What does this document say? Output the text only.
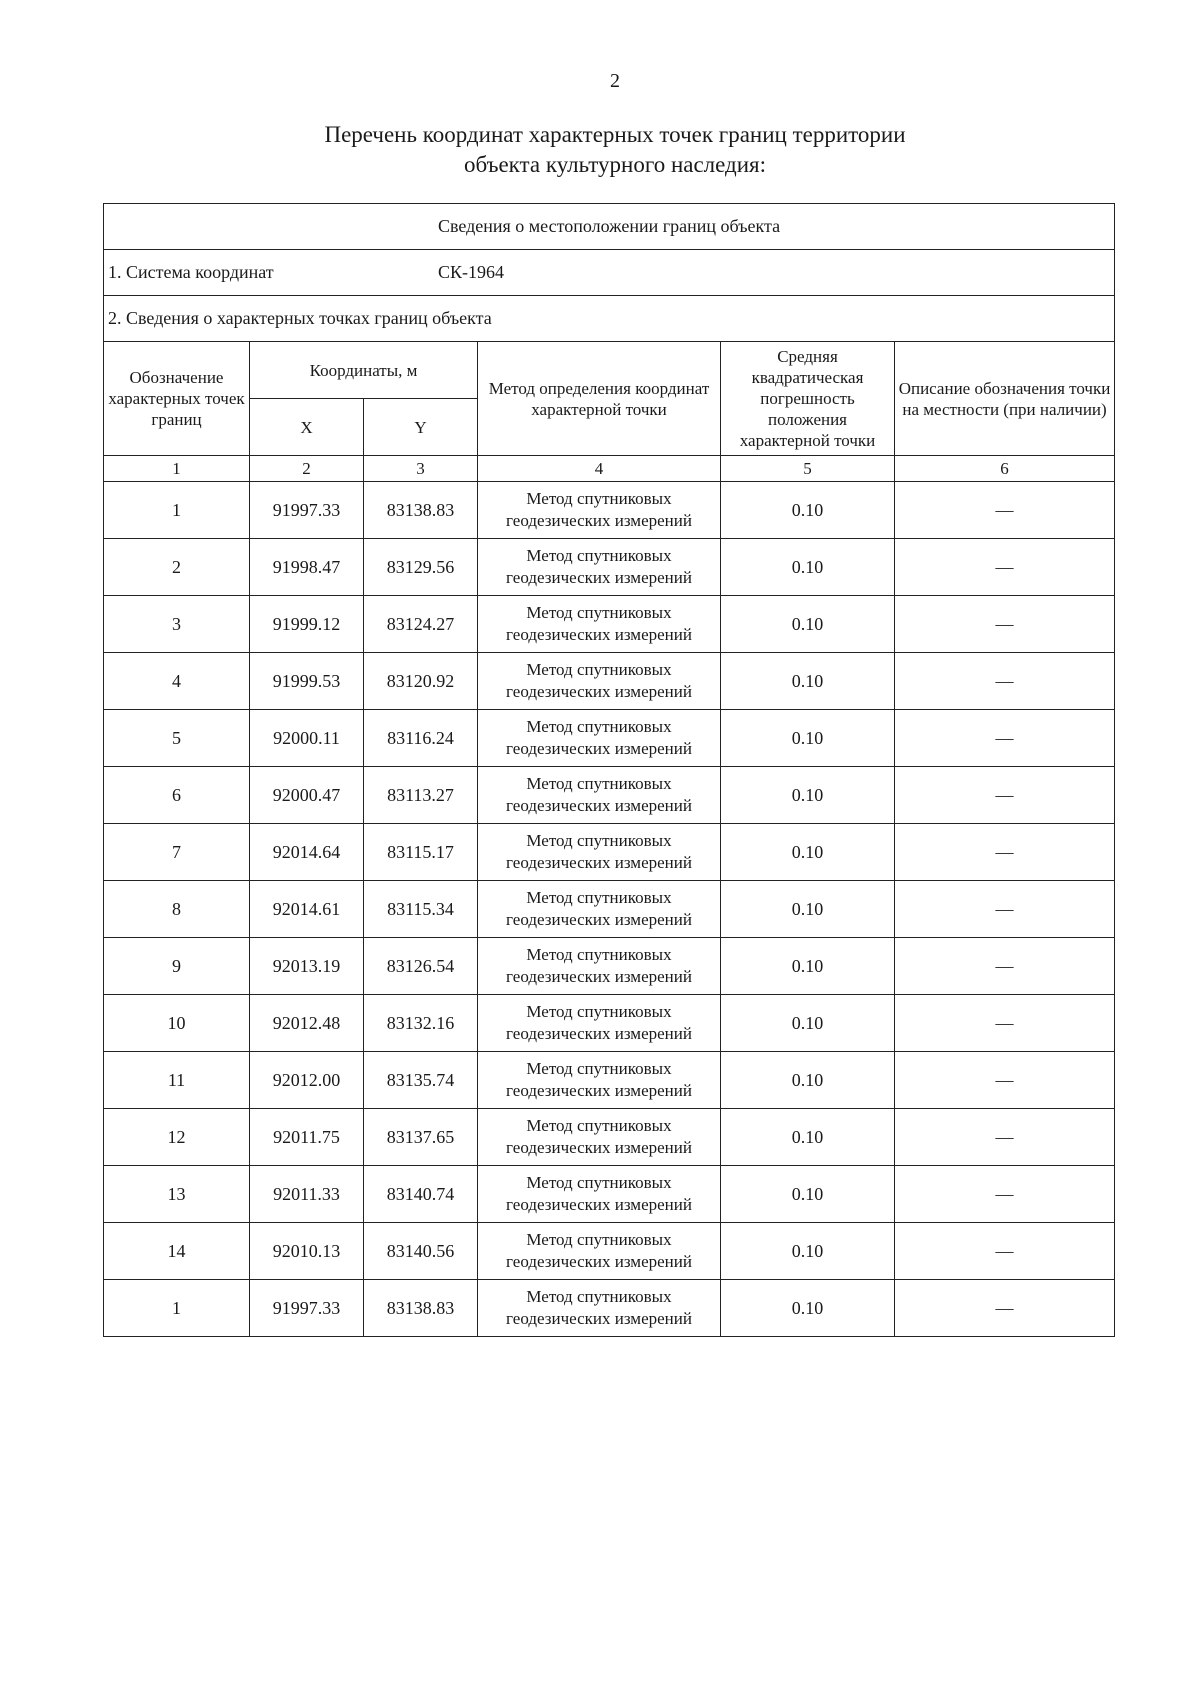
2
Перечень координат характерных точек границ территории
объекта культурного наследия:
Сведения о местоположении границ объекта					
1. Система координат СК-1964					
2. Сведения о характерных точках границ объекта					
Обозначение характерных точек границ	Координаты, м		Метод определения координат характерной точки	Средняя квадратическая погрешность положения характерной точки	Описание обозначения точки на местности (при наличии)
	X	Y			
1	2	3	4	5	6
1	91997.33	83138.83	Метод спутниковых геодезических измерений	0.10	—
2	91998.47	83129.56	Метод спутниковых геодезических измерений	0.10	—
3	91999.12	83124.27	Метод спутниковых геодезических измерений	0.10	—
4	91999.53	83120.92	Метод спутниковых геодезических измерений	0.10	—
5	92000.11	83116.24	Метод спутниковых геодезических измерений	0.10	—
6	92000.47	83113.27	Метод спутниковых геодезических измерений	0.10	—
7	92014.64	83115.17	Метод спутниковых геодезических измерений	0.10	—
8	92014.61	83115.34	Метод спутниковых геодезических измерений	0.10	—
9	92013.19	83126.54	Метод спутниковых геодезических измерений	0.10	—
10	92012.48	83132.16	Метод спутниковых геодезических измерений	0.10	—
11	92012.00	83135.74	Метод спутниковых геодезических измерений	0.10	—
12	92011.75	83137.65	Метод спутниковых геодезических измерений	0.10	—
13	92011.33	83140.74	Метод спутниковых геодезических измерений	0.10	—
14	92010.13	83140.56	Метод спутниковых геодезических измерений	0.10	—
1	91997.33	83138.83	Метод спутниковых геодезических измерений	0.10	—
